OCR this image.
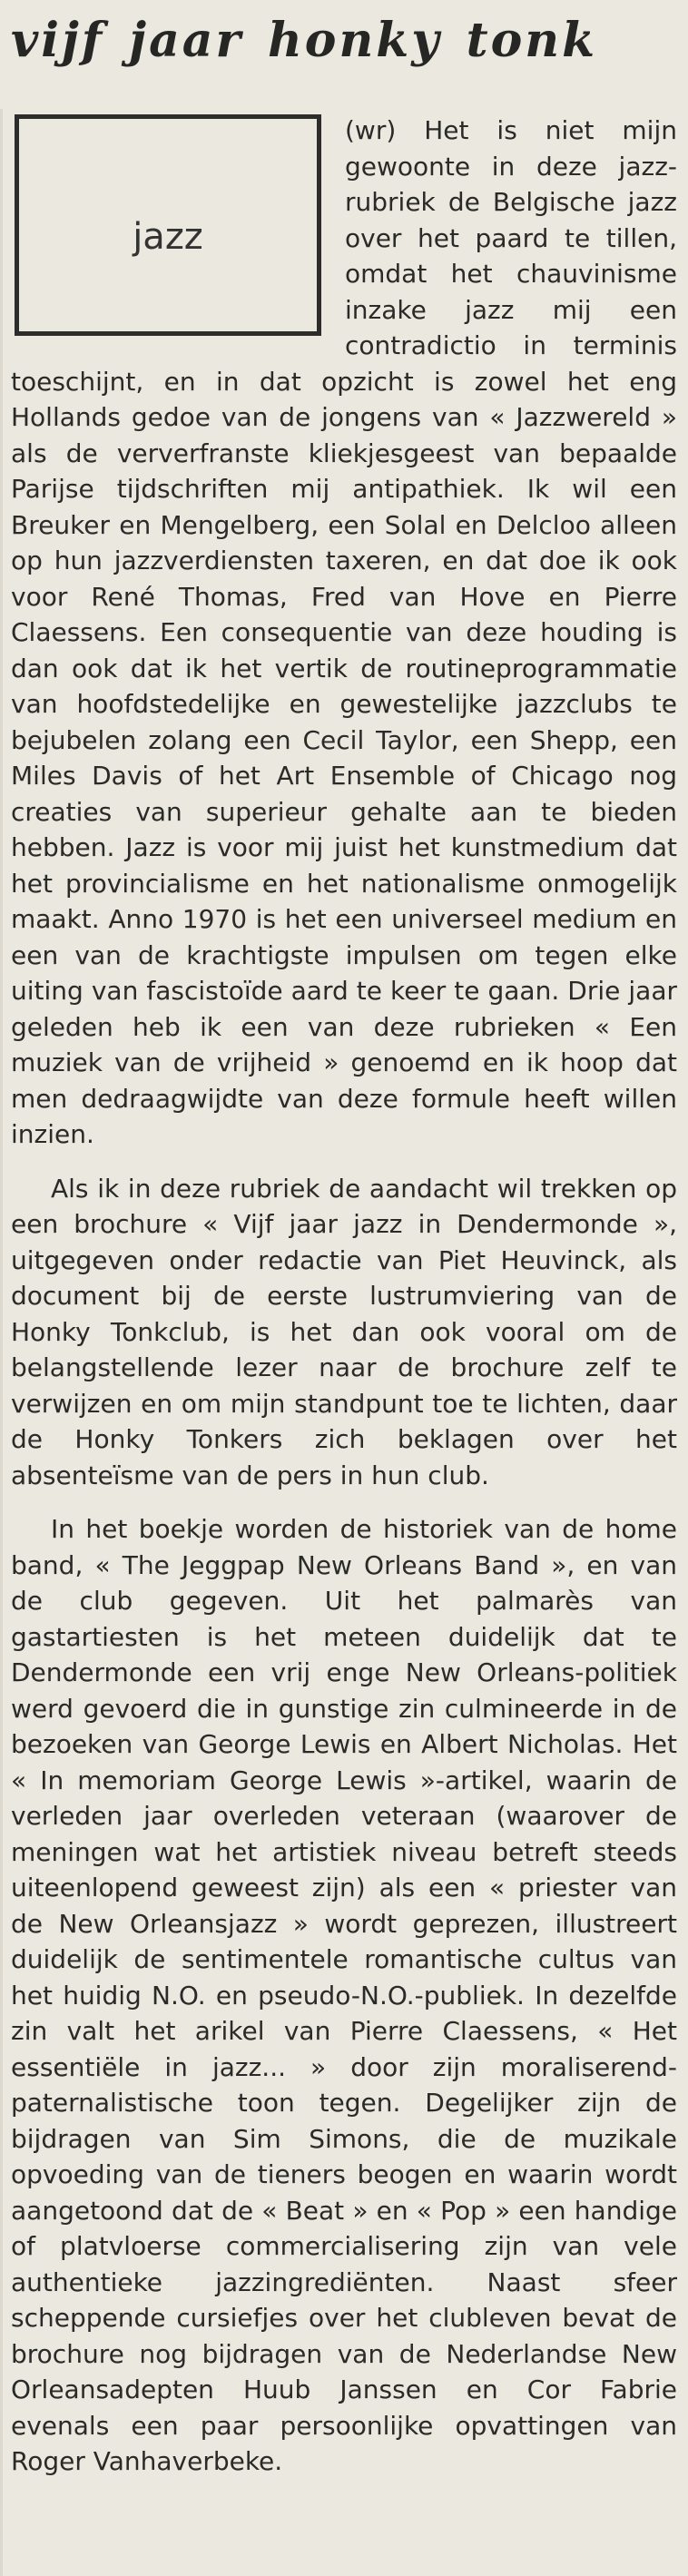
vijf jaar honky tonk
jazz

(wr) Het is niet mijn gewoonte in deze jazz-rubriek de Belgische jazz over het paard te tillen, omdat het chauvinisme inzake jazz mij een contradictio in terminis toeschijnt, en in dat opzicht is zowel het eng Hollands gedoe van de jongens van « Jazzwereld » als de ververfranste kliekjesgeest van bepaalde Parijse tijdschriften mij antipathiek. Ik wil een Breuker en Mengelberg, een Solal en Delcloo alleen op hun jazzverdiensten taxeren, en dat doe ik ook voor René Thomas, Fred van Hove en Pierre Claessens. Een consequentie van deze houding is dan ook dat ik het vertik de routineprogrammatie van hoofdstedelijke en gewestelijke jazzclubs te bejubelen zolang een Cecil Taylor, een Shepp, een Miles Davis of het Art Ensemble of Chicago nog creaties van superieur gehalte aan te bieden hebben. Jazz is voor mij juist het kunstmedium dat het provincialisme en het nationalisme onmogelijk maakt. Anno 1970 is het een universeel medium en een van de krachtigste impulsen om tegen elke uiting van fascistoïde aard te keer te gaan. Drie jaar geleden heb ik een van deze rubrieken « Een muziek van de vrijheid » genoemd en ik hoop dat men dedraagwijdte van deze formule heeft willen inzien.

Als ik in deze rubriek de aandacht wil trekken op een brochure « Vijf jaar jazz in Dendermonde », uitgegeven onder redactie van Piet Heuvinck, als document bij de eerste lustrumviering van de Honky Tonkclub, is het dan ook vooral om de belangstellende lezer naar de brochure zelf te verwijzen en om mijn standpunt toe te lichten, daar de Honky Tonkers zich beklagen over het absenteïsme van de pers in hun club.

In het boekje worden de historiek van de home band, « The Jeggpap New Orleans Band », en van de club gegeven. Uit het palmarès van gastartiesten is het meteen duidelijk dat te Dendermonde een vrij enge New Orleans-politiek werd gevoerd die in gunstige zin culmineerde in de bezoeken van George Lewis en Albert Nicholas. Het « In memoriam George Lewis »-artikel, waarin de verleden jaar overleden veteraan (waarover de meningen wat het artistiek niveau betreft steeds uiteenlopend geweest zijn) als een « priester van de New Orleansjazz » wordt geprezen, illustreert duidelijk de sentimentele romantische cultus van het huidig N.O. en pseudo-N.O.-publiek. In dezelfde zin valt het arikel van Pierre Claessens, « Het essentiële in jazz... » door zijn moraliserend-paternalistische toon tegen. Degelijker zijn de bijdragen van Sim Simons, die de muzikale opvoeding van de tieners beogen en waarin wordt aangetoond dat de « Beat » en « Pop » een handige of platvloerse commercialisering zijn van vele authentieke jazzingrediënten. Naast sfeer scheppende cursiefjes over het clubleven bevat de brochure nog bijdragen van de Nederlandse New Orleansadepten Huub Janssen en Cor Fabrie evenals een paar persoonlijke opvattingen van Roger Vanhaverbeke.
